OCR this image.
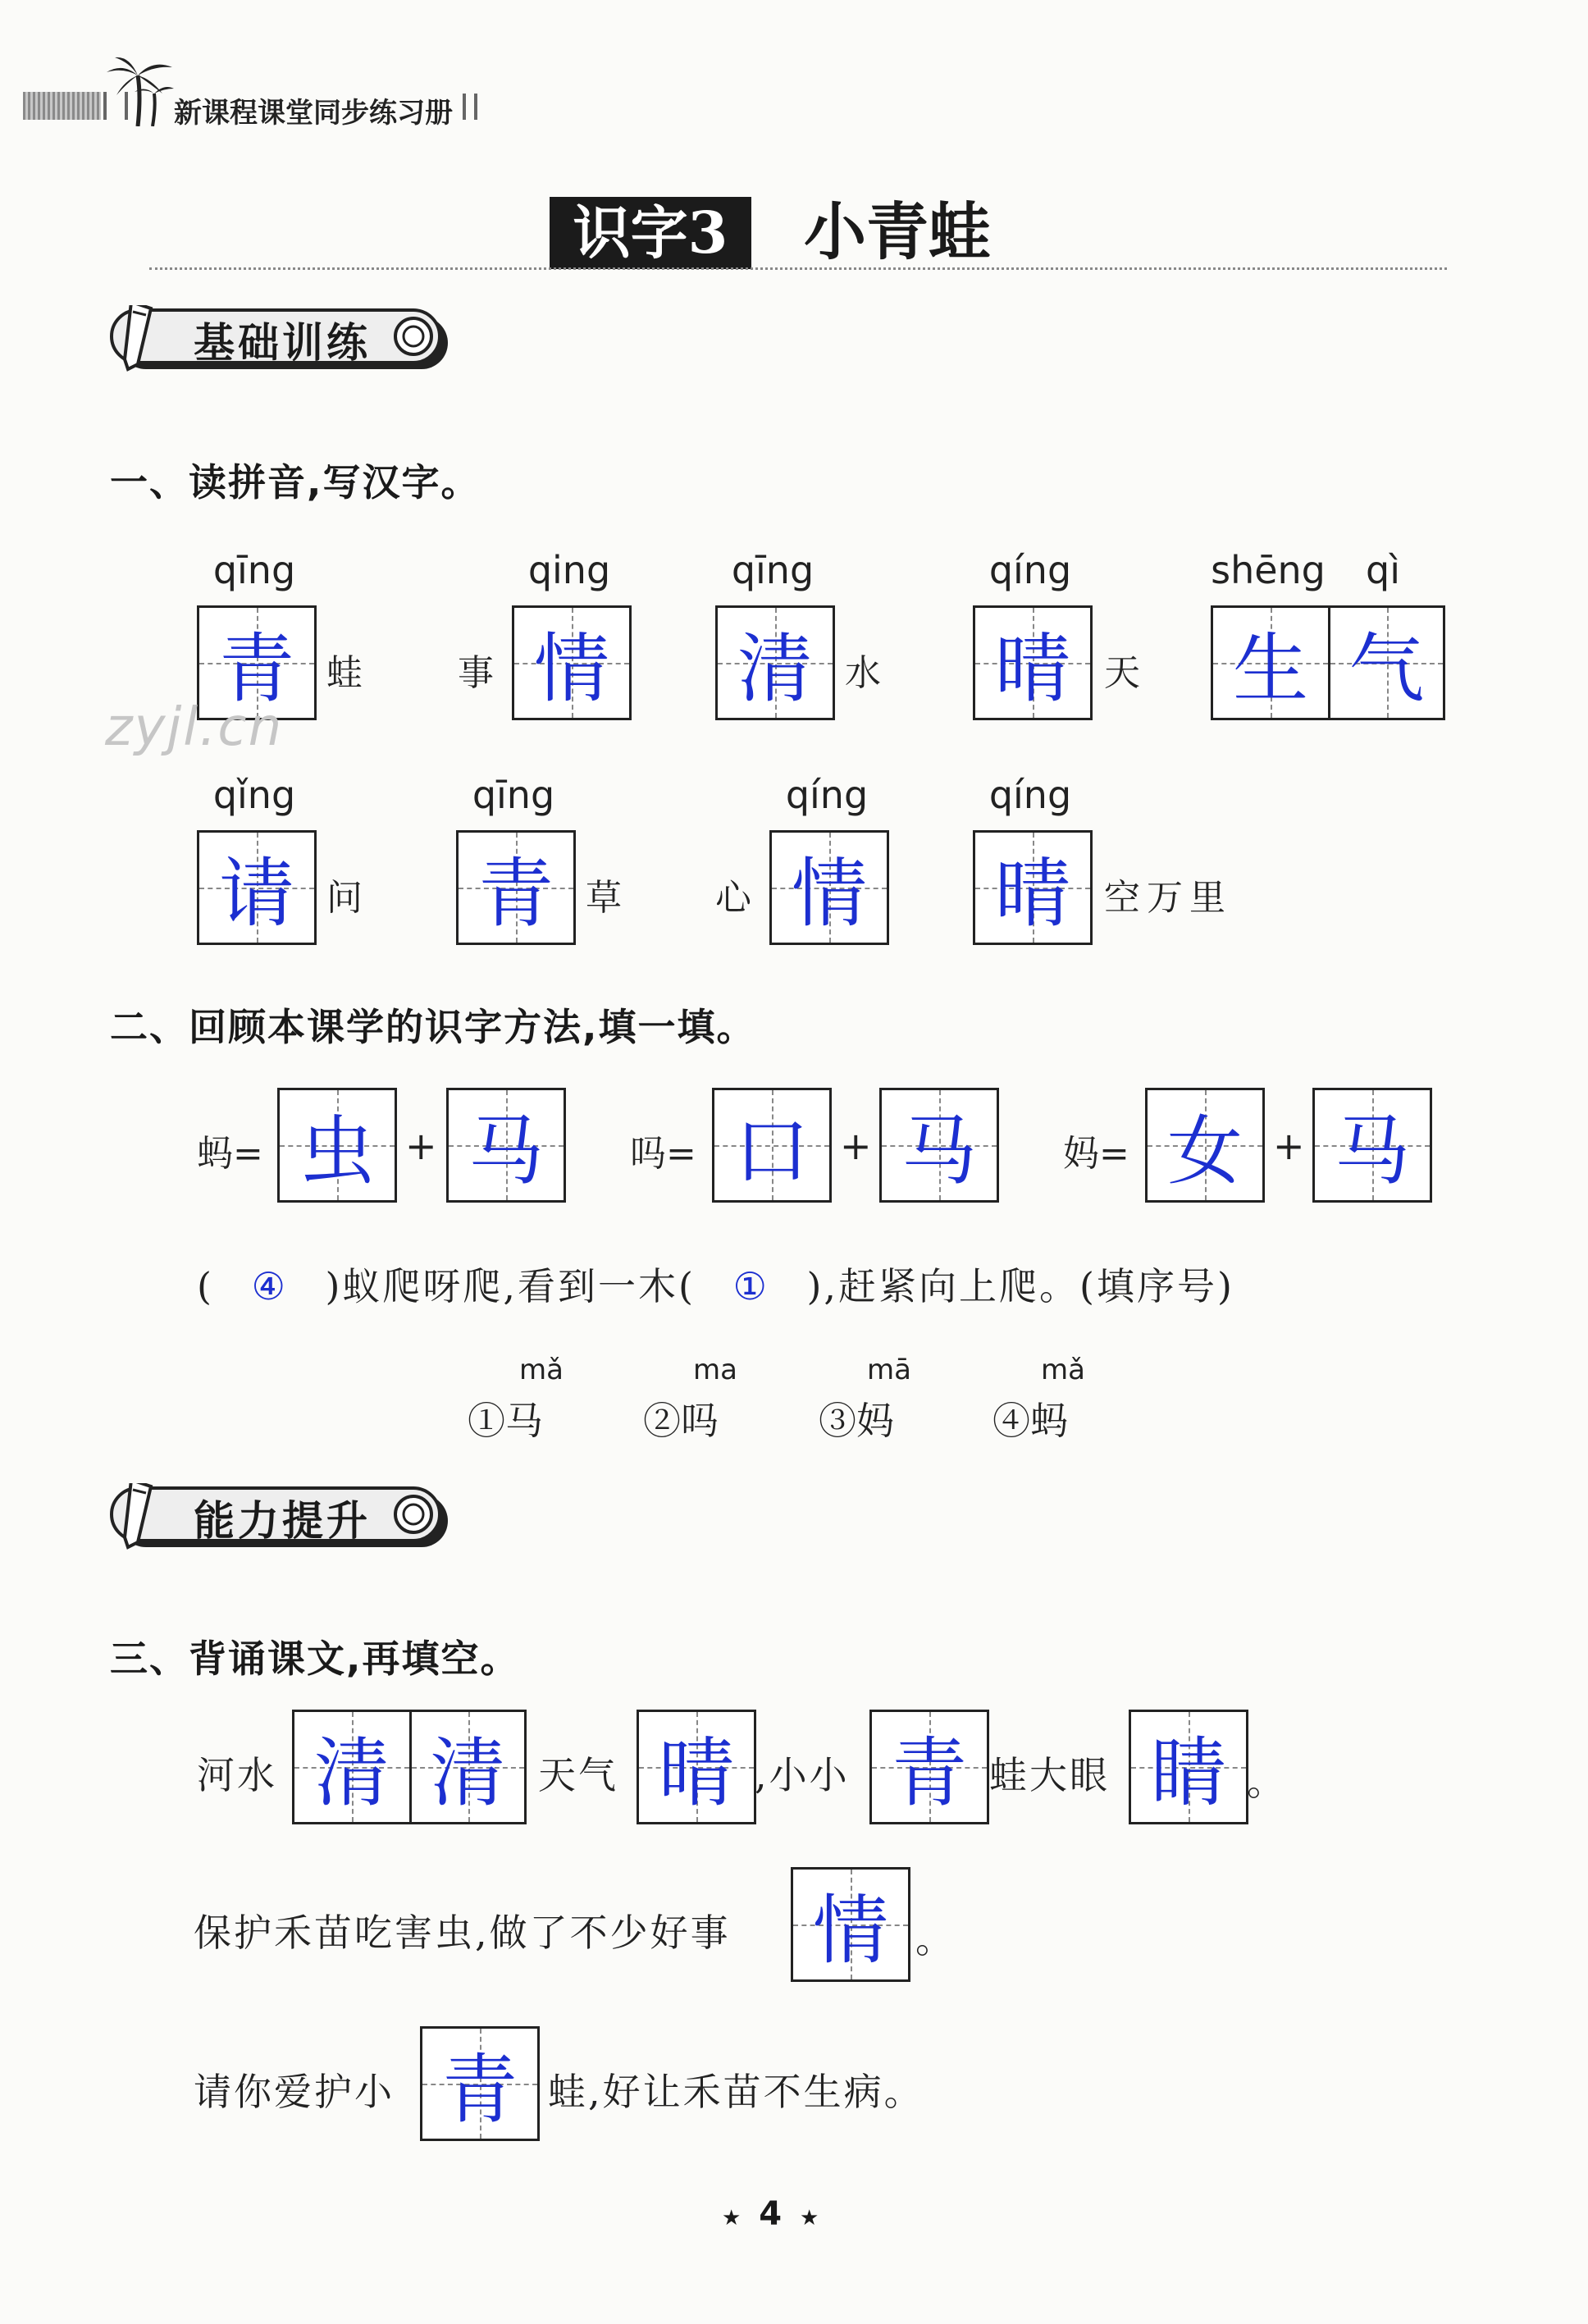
新课程课堂同步练习册
识字3	小青蛙
基础训练
一、读拼音,写汉字。
qīng
青 蛙	事
qing
情
qīng
清 水
qíng
晴 天
shēng	qì
生 气
zyjl.cn
qǐng
请 问
qīng
青 草	心
qíng
情
qíng
晴 空万里
二、回顾本课学的识字方法,填一填。
蚂= 虫 + 马 吗= 口 + 马 妈= 女 + 马
( ④ )蚁爬呀爬,看到一木( ① ),赶紧向上爬。(填序号)
mǎ
①马
ma
②吗
mā
③妈
mǎ
④蚂
能力提升
三、背诵课文,再填空。
河水 清 清 天气 晴 ,小小 青 蛙大眼 睛 。
保护禾苗吃害虫,做了不少好事 情 。
请你爱护小 青 蛙,好让禾苗不生病。
★ 4 ★
